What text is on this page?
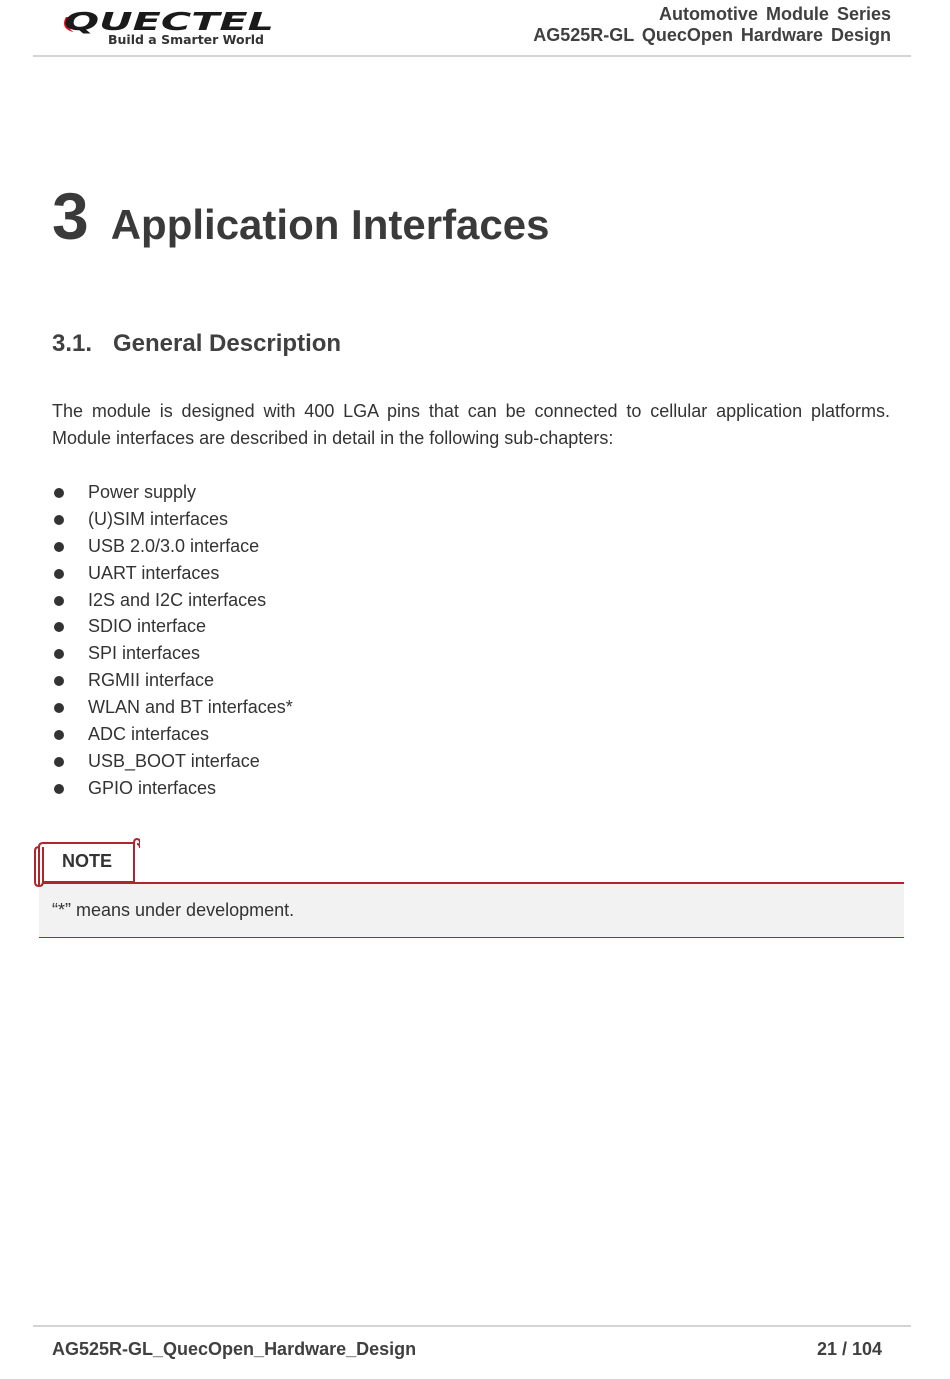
QUECTEL
Build a Smarter World
Automotive Module Series
AG525R-GL QuecOpen Hardware Design
3 Application Interfaces
3.1. General Description

The module is designed with 400 LGA pins that can be connected to cellular application platforms. Module interfaces are described in detail in the following sub-chapters:

Power supply
(U)SIM interfaces
USB 2.0/3.0 interface
UART interfaces
I2S and I2C interfaces
SDIO interface
SPI interfaces
RGMII interface
WLAN and BT interfaces*
ADC interfaces
USB_BOOT interface
GPIO interfaces
“*” means under development.
NOTE
AG525R-GL_QuecOpen_Hardware_Design	21 / 104
